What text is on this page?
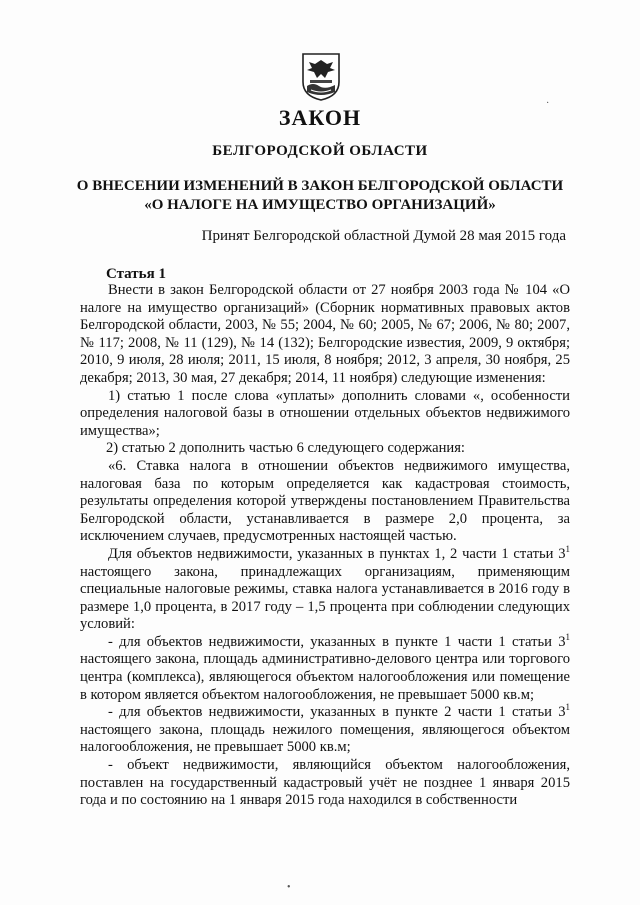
ЗАКОН
БЕЛГОРОДСКОЙ ОБЛАСТИ
О ВНЕСЕНИИ ИЗМЕНЕНИЙ В ЗАКОН БЕЛГОРОДСКОЙ ОБЛАСТИ
«О НАЛОГЕ НА ИМУЩЕСТВО ОРГАНИЗАЦИЙ»
Принят Белгородской областной Думой 28 мая 2015 года
Статья 1

Внести в закон Белгородской области от 27 ноября 2003 года № 104 «О налоге на имущество организаций» (Сборник нормативных правовых актов Белгородской области, 2003, № 55; 2004, № 60; 2005, № 67; 2006, № 80; 2007, № 117; 2008, № 11 (129), № 14 (132); Белгородские известия, 2009, 9 октября; 2010, 9 июля, 28 июля; 2011, 15 июля, 8 ноября; 2012, 3 апреля, 30 ноября, 25 декабря; 2013, 30 мая, 27 декабря; 2014, 11 ноября) следующие изменения:

1) статью 1 после слова «уплаты» дополнить словами «, особенности определения налоговой базы в отношении отдельных объектов недвижимого имущества»;

2) статью 2 дополнить частью 6 следующего содержания:

«6. Ставка налога в отношении объектов недвижимого имущества, налоговая база по которым определяется как кадастровая стоимость, результаты определения которой утверждены постановлением Правительства Белгородской области, устанавливается в размере 2,0 процента, за исключением случаев, предусмотренных настоящей частью.

Для объектов недвижимости, указанных в пунктах 1, 2 части 1 статьи $3^1$ настоящего закона, принадлежащих организациям, применяющим специальные налоговые режимы, ставка налога устанавливается в 2016 году в размере 1,0 процента, в 2017 году – 1,5 процента при соблюдении следующих условий:

- для объектов недвижимости, указанных в пункте 1 части 1 статьи $3^1$ настоящего закона, площадь административно-делового центра или торгового центра (комплекса), являющегося объектом налогообложения или помещение в котором является объектом налогообложения, не превышает 5000 кв.м;

- для объектов недвижимости, указанных в пункте 2 части 1 статьи $3^1$ настоящего закона, площадь нежилого помещения, являющегося объектом налогообложения, не превышает 5000 кв.м;

- объект недвижимости, являющийся объектом налогообложения, поставлен на государственный кадастровый учёт не позднее 1 января 2015 года и по состоянию на 1 января 2015 года находился в собственности

·
•
